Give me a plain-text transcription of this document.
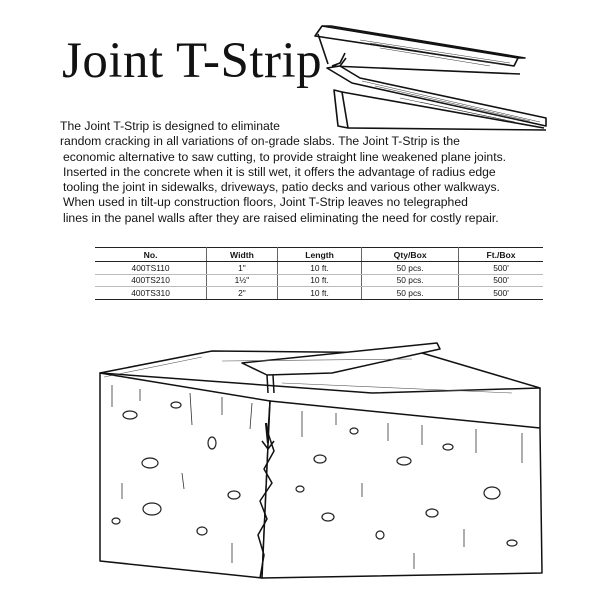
Joint T-Strip
The Joint T-Strip is designed to eliminate
random cracking in all variations of on-grade slabs. The Joint T-Strip is the
economic alternative to saw cutting, to provide straight line weakened plane joints.
Inserted in the concrete when it is still wet, it offers the advantage of radius edge
tooling the joint in sidewalks, driveways, patio decks and various other walkways.
When used in tilt-up construction floors, Joint T-Strip leaves no telegraphed
lines in the panel walls after they are raised eliminating the need for costly repair.
No.	Width	Length	Qty/Box	Ft./Box
400TS110	1"	10 ft.	50 pcs.	500'
400TS210	1½"	10 ft.	50 pcs.	500'
400TS310	2"	10 ft.	50 pcs.	500'
